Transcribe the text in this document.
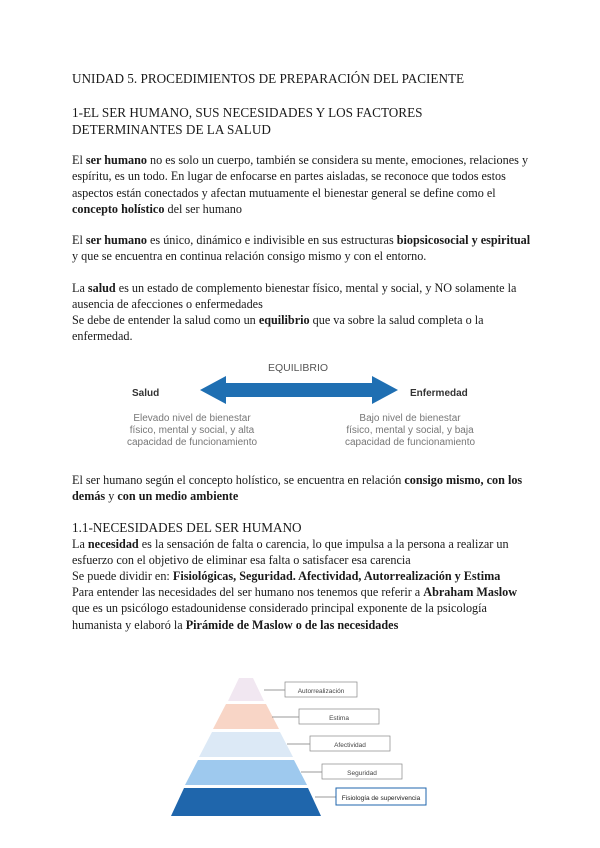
UNIDAD 5. PROCEDIMIENTOS DE PREPARACIÓN DEL PACIENTE
1-EL SER HUMANO, SUS NECESIDADES Y LOS FACTORES DETERMINANTES DE LA SALUD

El ser humano no es solo un cuerpo, también se considera su mente, emociones, relaciones y espíritu, es un todo. En lugar de enfocarse en partes aisladas, se reconoce que todos estos aspectos están conectados y afectan mutuamente el bienestar general se define como el concepto holístico del ser humano

El ser humano es único, dinámico e indivisible en sus estructuras biopsicosocial y espiritual y que se encuentra en continua relación consigo mismo y con el entorno.

La salud es un estado de complemento bienestar físico, mental y social, y NO solamente la ausencia de afecciones o enfermedades

Se debe de entender la salud como un equilibrio que va sobre la salud completa o la enfermedad.

EQUILIBRIO
Salud	Enfermedad
Elevado nivel de bienestar
físico, mental y social, y alta
capacidad de funcionamiento
Bajo nivel de bienestar
físico, mental y social, y baja
capacidad de funcionamiento

El ser humano según el concepto holístico, se encuentra en relación consigo mismo, con los demás y con un medio ambiente

1.1-NECESIDADES DEL SER HUMANO

La necesidad es la sensación de falta o carencia, lo que impulsa a la persona a realizar un esfuerzo con el objetivo de eliminar esa falta o satisfacer esa carencia

Se puede dividir en: Fisiológicas, Seguridad. Afectividad, Autorrealización y Estima

Para entender las necesidades del ser humano nos tenemos que referir a Abraham Maslow que es un psicólogo estadounidense considerado principal exponente de la psicología humanista y elaboró la Pirámide de Maslow o de las necesidades

Autorrealización
Estima
Afectividad
Seguridad
Fisiología de supervivencia
